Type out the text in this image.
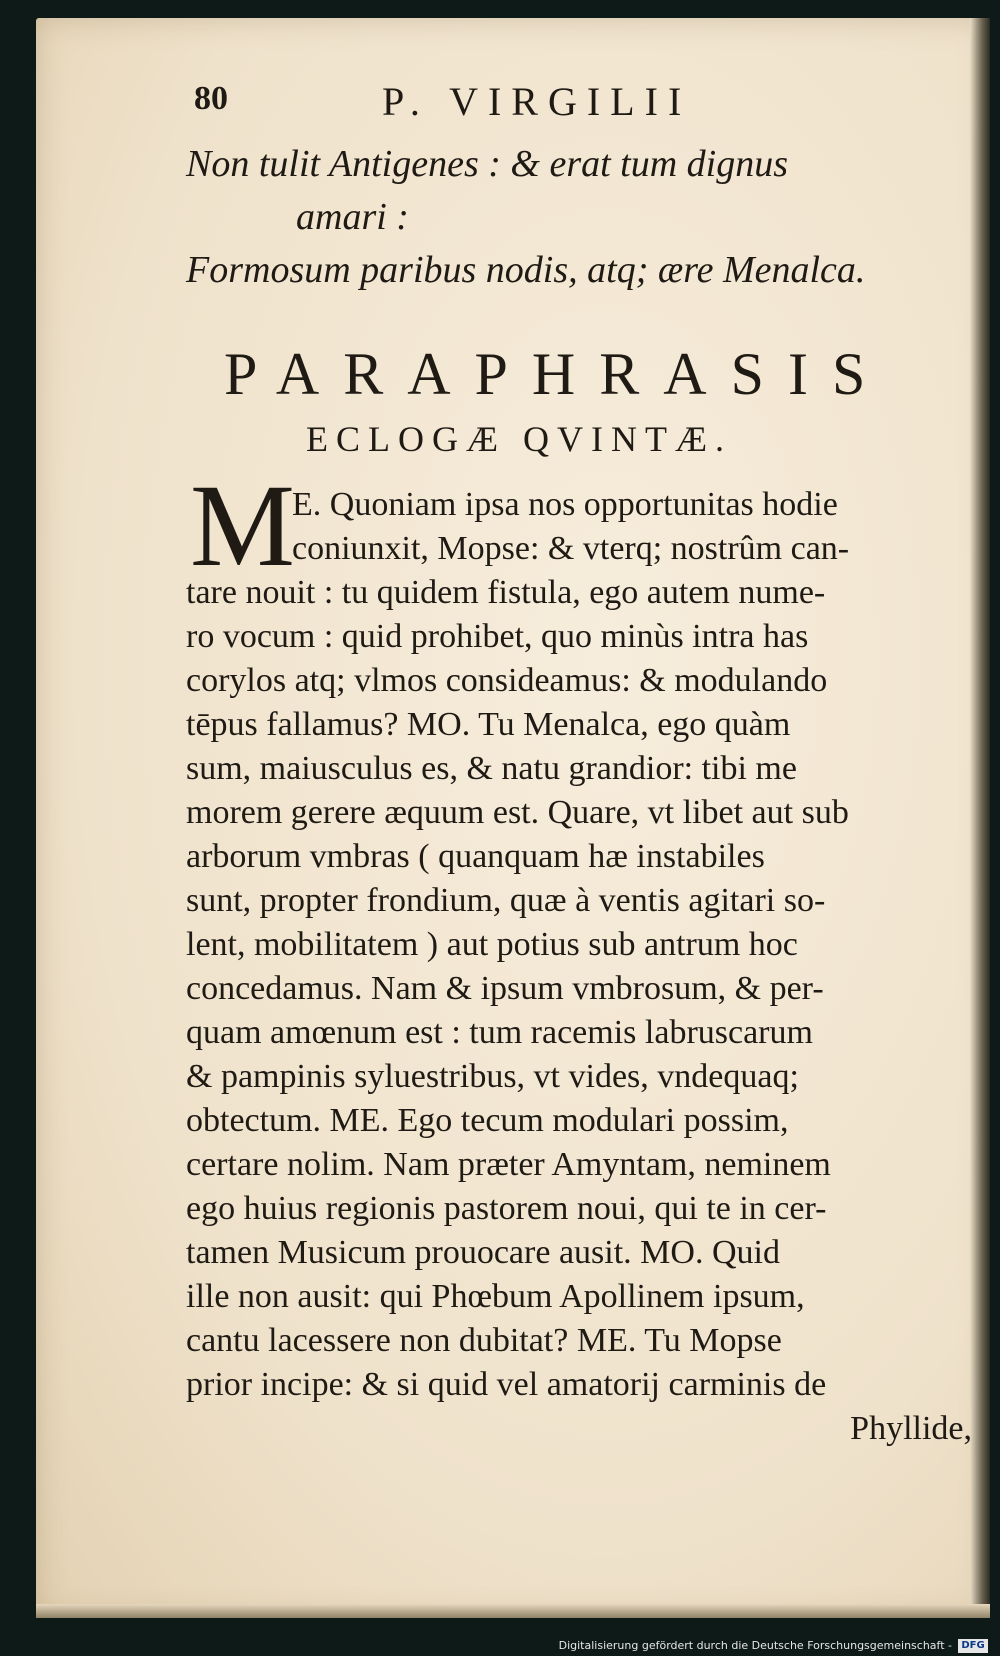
80	P. VIRGILII
Non tulit Antigenes : & erat tum dignus
amari :
Formosum paribus nodis, atq; ære Menalca.
PARAPHRASIS
ECLOGÆ QVINTÆ.
M
E. Quoniam ipsa nos opportunitas hodie
coniunxit, Mopse: & vterq; nostrûm can-
tare nouit : tu quidem fistula, ego autem nume-
ro vocum : quid prohibet, quo minùs intra has
corylos atq; vlmos considеamus: & modulando
tēpus fallamus? MO. Tu Menalca, ego quàm
sum, maiusculus es, & natu grandior: tibi me
morem gerere æquum est. Quare, vt libet aut sub
arborum vmbras ( quanquam hæ instabiles
sunt, propter frondium, quæ à ventis agitari so-
lent, mobilitatem ) aut potius sub antrum hoc
concedamus. Nam & ipsum vmbrosum, & per-
quam amœnum est : tum racemis labruscarum
& pampinis syluestribus, vt vides, vndequaq;
obtectum. ME. Ego tecum modulari possim,
certare nolim. Nam præter Amyntam, neminem
ego huius regionis pastorem noui, qui te in cer-
tamen Musicum prouocare ausit. MO. Quid
ille non ausit: qui Phœbum Apollinem ipsum,
cantu lacessere non dubitat? ME. Tu Mopse
prior incipe: & si quid vel amatorij carminis de
Phyllide,
Digitalisierung gefördert durch die Deutsche Forschungsgemeinschaft - DFG
